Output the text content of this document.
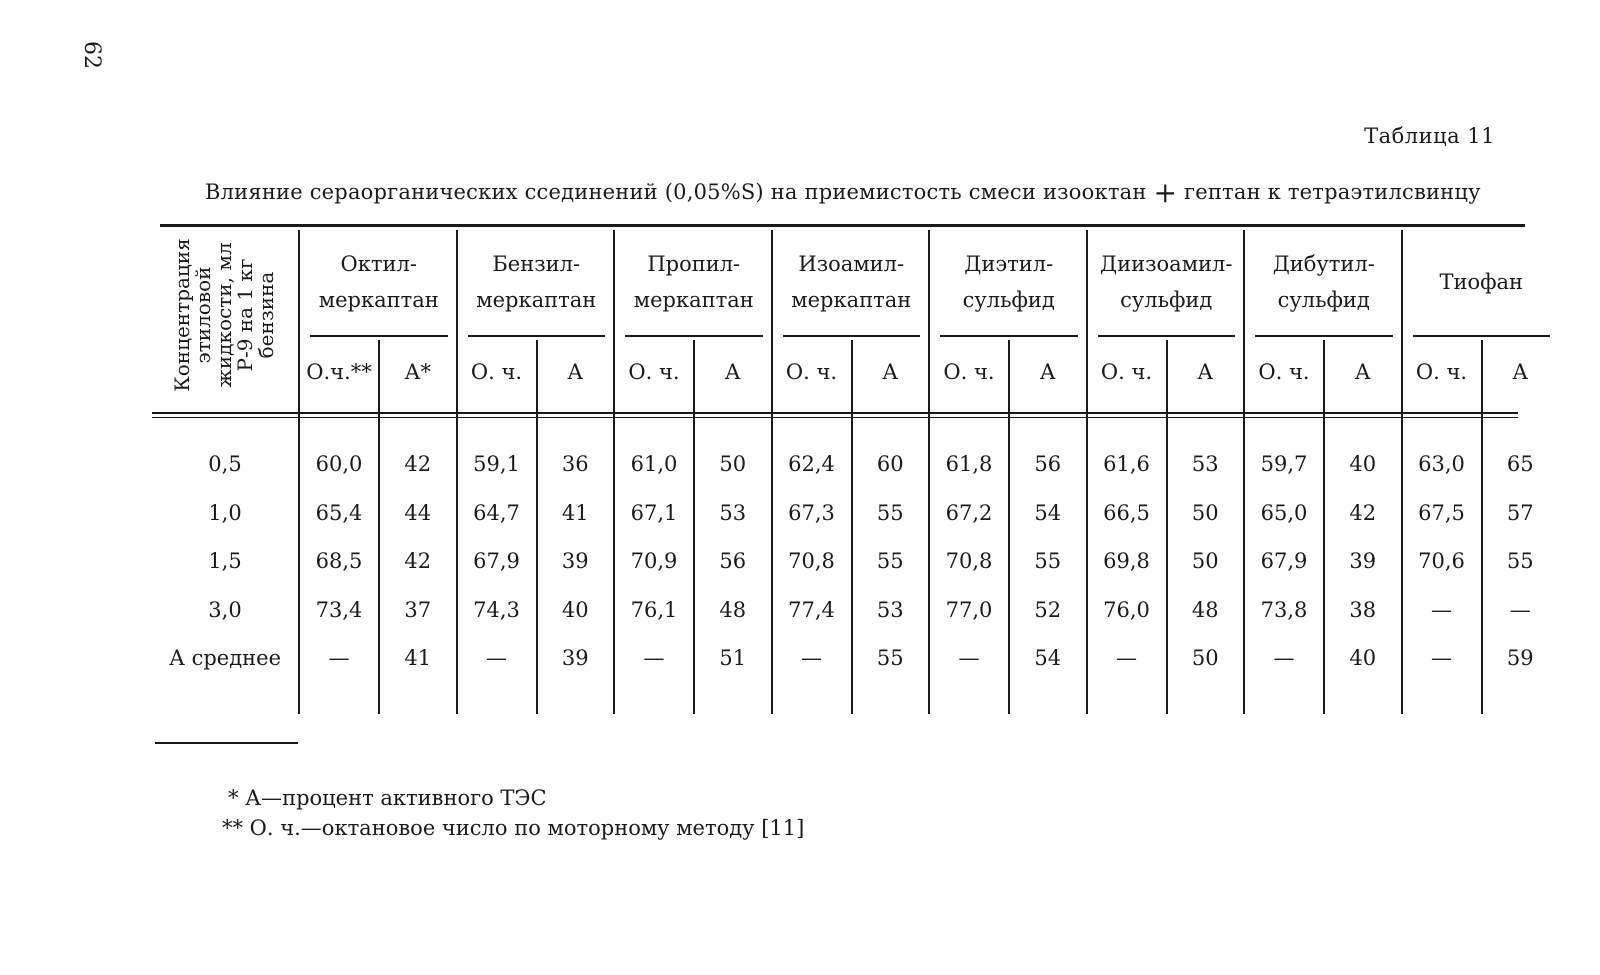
62
Таблица 11
Влияние сераорганических ссединений (0,05%S) на приемистость смеси изооктан + гептан к тетраэтилсвинцу
Концентрация этиловой жидкости, мл Р-9 на 1 кг бензина
Октил-
меркаптан
О.ч.**	А*
Бензил-
меркаптан
О. ч.	А
Пропил-
меркаптан
О. ч.	А
Изоамил-
меркаптан
О. ч.	А
Диэтил-
сульфид
О. ч.	А
Диизоамил-
сульфид
О. ч.	А
Дибутил-
сульфид
О. ч.	А
Тиофан
О. ч.	А
0,5	60,0	42	59,1	36	61,0	50	62,4	60	61,8	56	61,6	53	59,7	40	63,0	65
1,0	65,4	44	64,7	41	67,1	53	67,3	55	67,2	54	66,5	50	65,0	42	67,5	57
1,5	68,5	42	67,9	39	70,9	56	70,8	55	70,8	55	69,8	50	67,9	39	70,6	55
3,0	73,4	37	74,3	40	76,1	48	77,4	53	77,0	52	76,0	48	73,8	38	—	—
А среднее	—	41	—	39	—	51	—	55	—	54	—	50	—	40	—	59
* А—процент активного ТЭС
** О. ч.—октановое число по моторному методу [11]
